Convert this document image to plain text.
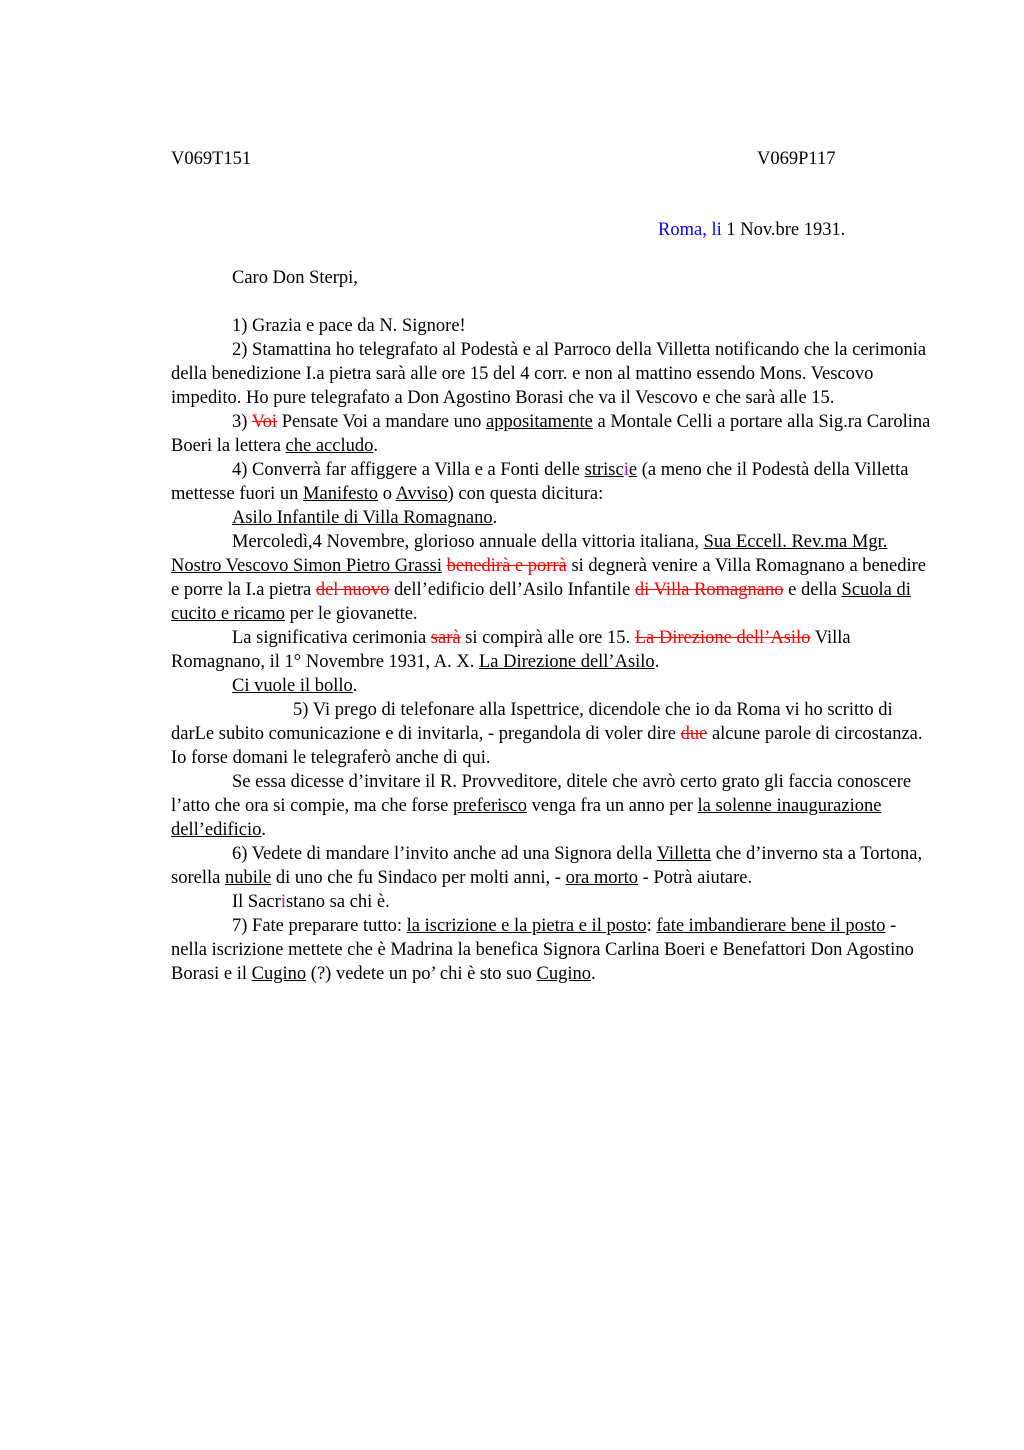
V069T151	V069P117

Roma, li 1 Nov.bre 1931.

Caro Don Sterpi,

1) Grazia e pace da N. Signore!

2) Stamattina ho telegrafato al Podestà e al Parroco della Villetta notificando che la cerimonia della benedizione I.a pietra sarà alle ore 15 del 4 corr. e non al mattino essendo Mons. Vescovo impedito. Ho pure telegrafato a Don Agostino Borasi che va il Vescovo e che sarà alle 15.

3) Voi Pensate Voi a mandare uno appositamente a Montale Celli a portare alla Sig.ra Carolina Boeri la lettera che accludo.

4) Converrà far affiggere a Villa e a Fonti delle striscie (a meno che il Podestà della Villetta mettesse fuori un Manifesto o Avviso) con questa dicitura:

Asilo Infantile di Villa Romagnano.

Mercoledì,4 Novembre, glorioso annuale della vittoria italiana, Sua Eccell. Rev.ma Mgr. Nostro Vescovo Simon Pietro Grassi benedirà e porrà si degnerà venire a Villa Romagnano a benedire e porre la I.a pietra del nuovo dell’edificio dell’Asilo Infantile di Villa Romagnano e della Scuola di cucito e ricamo per le giovanette.

La significativa cerimonia sarà si compirà alle ore 15. La Direzione dell’Asilo Villa Romagnano, il 1° Novembre 1931, A. X. La Direzione dell’Asilo.

Ci vuole il bollo.

5) Vi prego di telefonare alla Ispettrice, dicendole che io da Roma vi ho scritto di darLe subito comunicazione e di invitarla, - pregandola di voler dire due alcune parole di circostanza. Io forse domani le telegraferò anche di qui.

Se essa dicesse d’invitare il R. Provveditore, ditele che avrò certo grato gli faccia conoscere l’atto che ora si compie, ma che forse preferisco venga fra un anno per la solenne inaugurazione dell’edificio.

6) Vedete di mandare l’invito anche ad una Signora della Villetta che d’inverno sta a Tortona, sorella nubile di uno che fu Sindaco per molti anni, - ora morto - Potrà aiutare.

Il Sacristano sa chi è.

7) Fate preparare tutto: la iscrizione e la pietra e il posto: fate imbandierare bene il posto - nella iscrizione mettete che è Madrina la benefica Signora Carlina Boeri e Benefattori Don Agostino Borasi e il Cugino (?) vedete un po’ chi è sto suo Cugino.
